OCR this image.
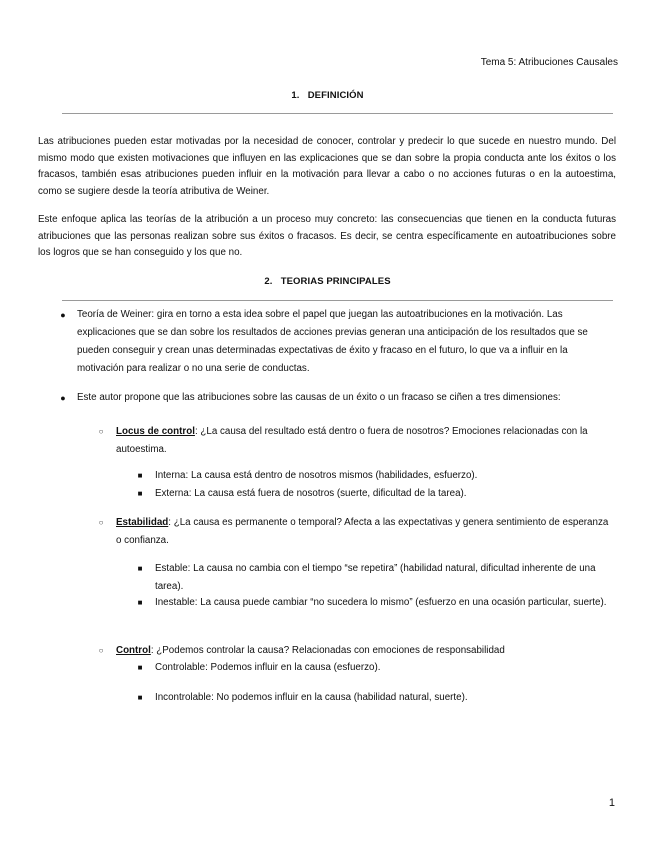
Tema 5: Atribuciones Causales
1. DEFINICIÓN

Las atribuciones pueden estar motivadas por la necesidad de conocer, controlar y predecir lo que sucede en nuestro mundo. Del mismo modo que existen motivaciones que influyen en las explicaciones que se dan sobre la propia conducta ante los éxitos o los fracasos, también esas atribuciones pueden influir en la motivación para llevar a cabo o no acciones futuras o en la autoestima, como se sugiere desde la teoría atributiva de Weiner.

Este enfoque aplica las teorías de la atribución a un proceso muy concreto: las consecuencias que tienen en la conducta futuras atribuciones que las personas realizan sobre sus éxitos o fracasos. Es decir, se centra específicamente en autoatribuciones sobre los logros que se han conseguido y los que no.

2. TEORIAS PRINCIPALES
●	Teoría de Weiner: gira en torno a esta idea sobre el papel que juegan las autoatribuciones en la motivación. Las explicaciones que se dan sobre los resultados de acciones previas generan una anticipación de los resultados que se pueden conseguir y crean unas determinadas expectativas de éxito y fracaso en el futuro, lo que va a influir en la motivación para realizar o no una serie de conductas.
●	Este autor propone que las atribuciones sobre las causas de un éxito o un fracaso se ciñen a tres dimensiones:
○ Locus de control: ¿La causa del resultado está dentro o fuera de nosotros? Emociones relacionadas con la autoestima.
■ Interna: La causa está dentro de nosotros mismos (habilidades, esfuerzo).
■ Externa: La causa está fuera de nosotros (suerte, dificultad de la tarea).
○ Estabilidad: ¿La causa es permanente o temporal? Afecta a las expectativas y genera sentimiento de esperanza o confianza.
■ Estable: La causa no cambia con el tiempo “se repetira” (habilidad natural, dificultad inherente de una tarea).
■ Inestable: La causa puede cambiar “no sucedera lo mismo” (esfuerzo en una ocasión particular, suerte).
○ Control: ¿Podemos controlar la causa? Relacionadas con emociones de responsabilidad
■ Controlable: Podemos influir en la causa (esfuerzo).
■ Incontrolable: No podemos influir en la causa (habilidad natural, suerte).
1
